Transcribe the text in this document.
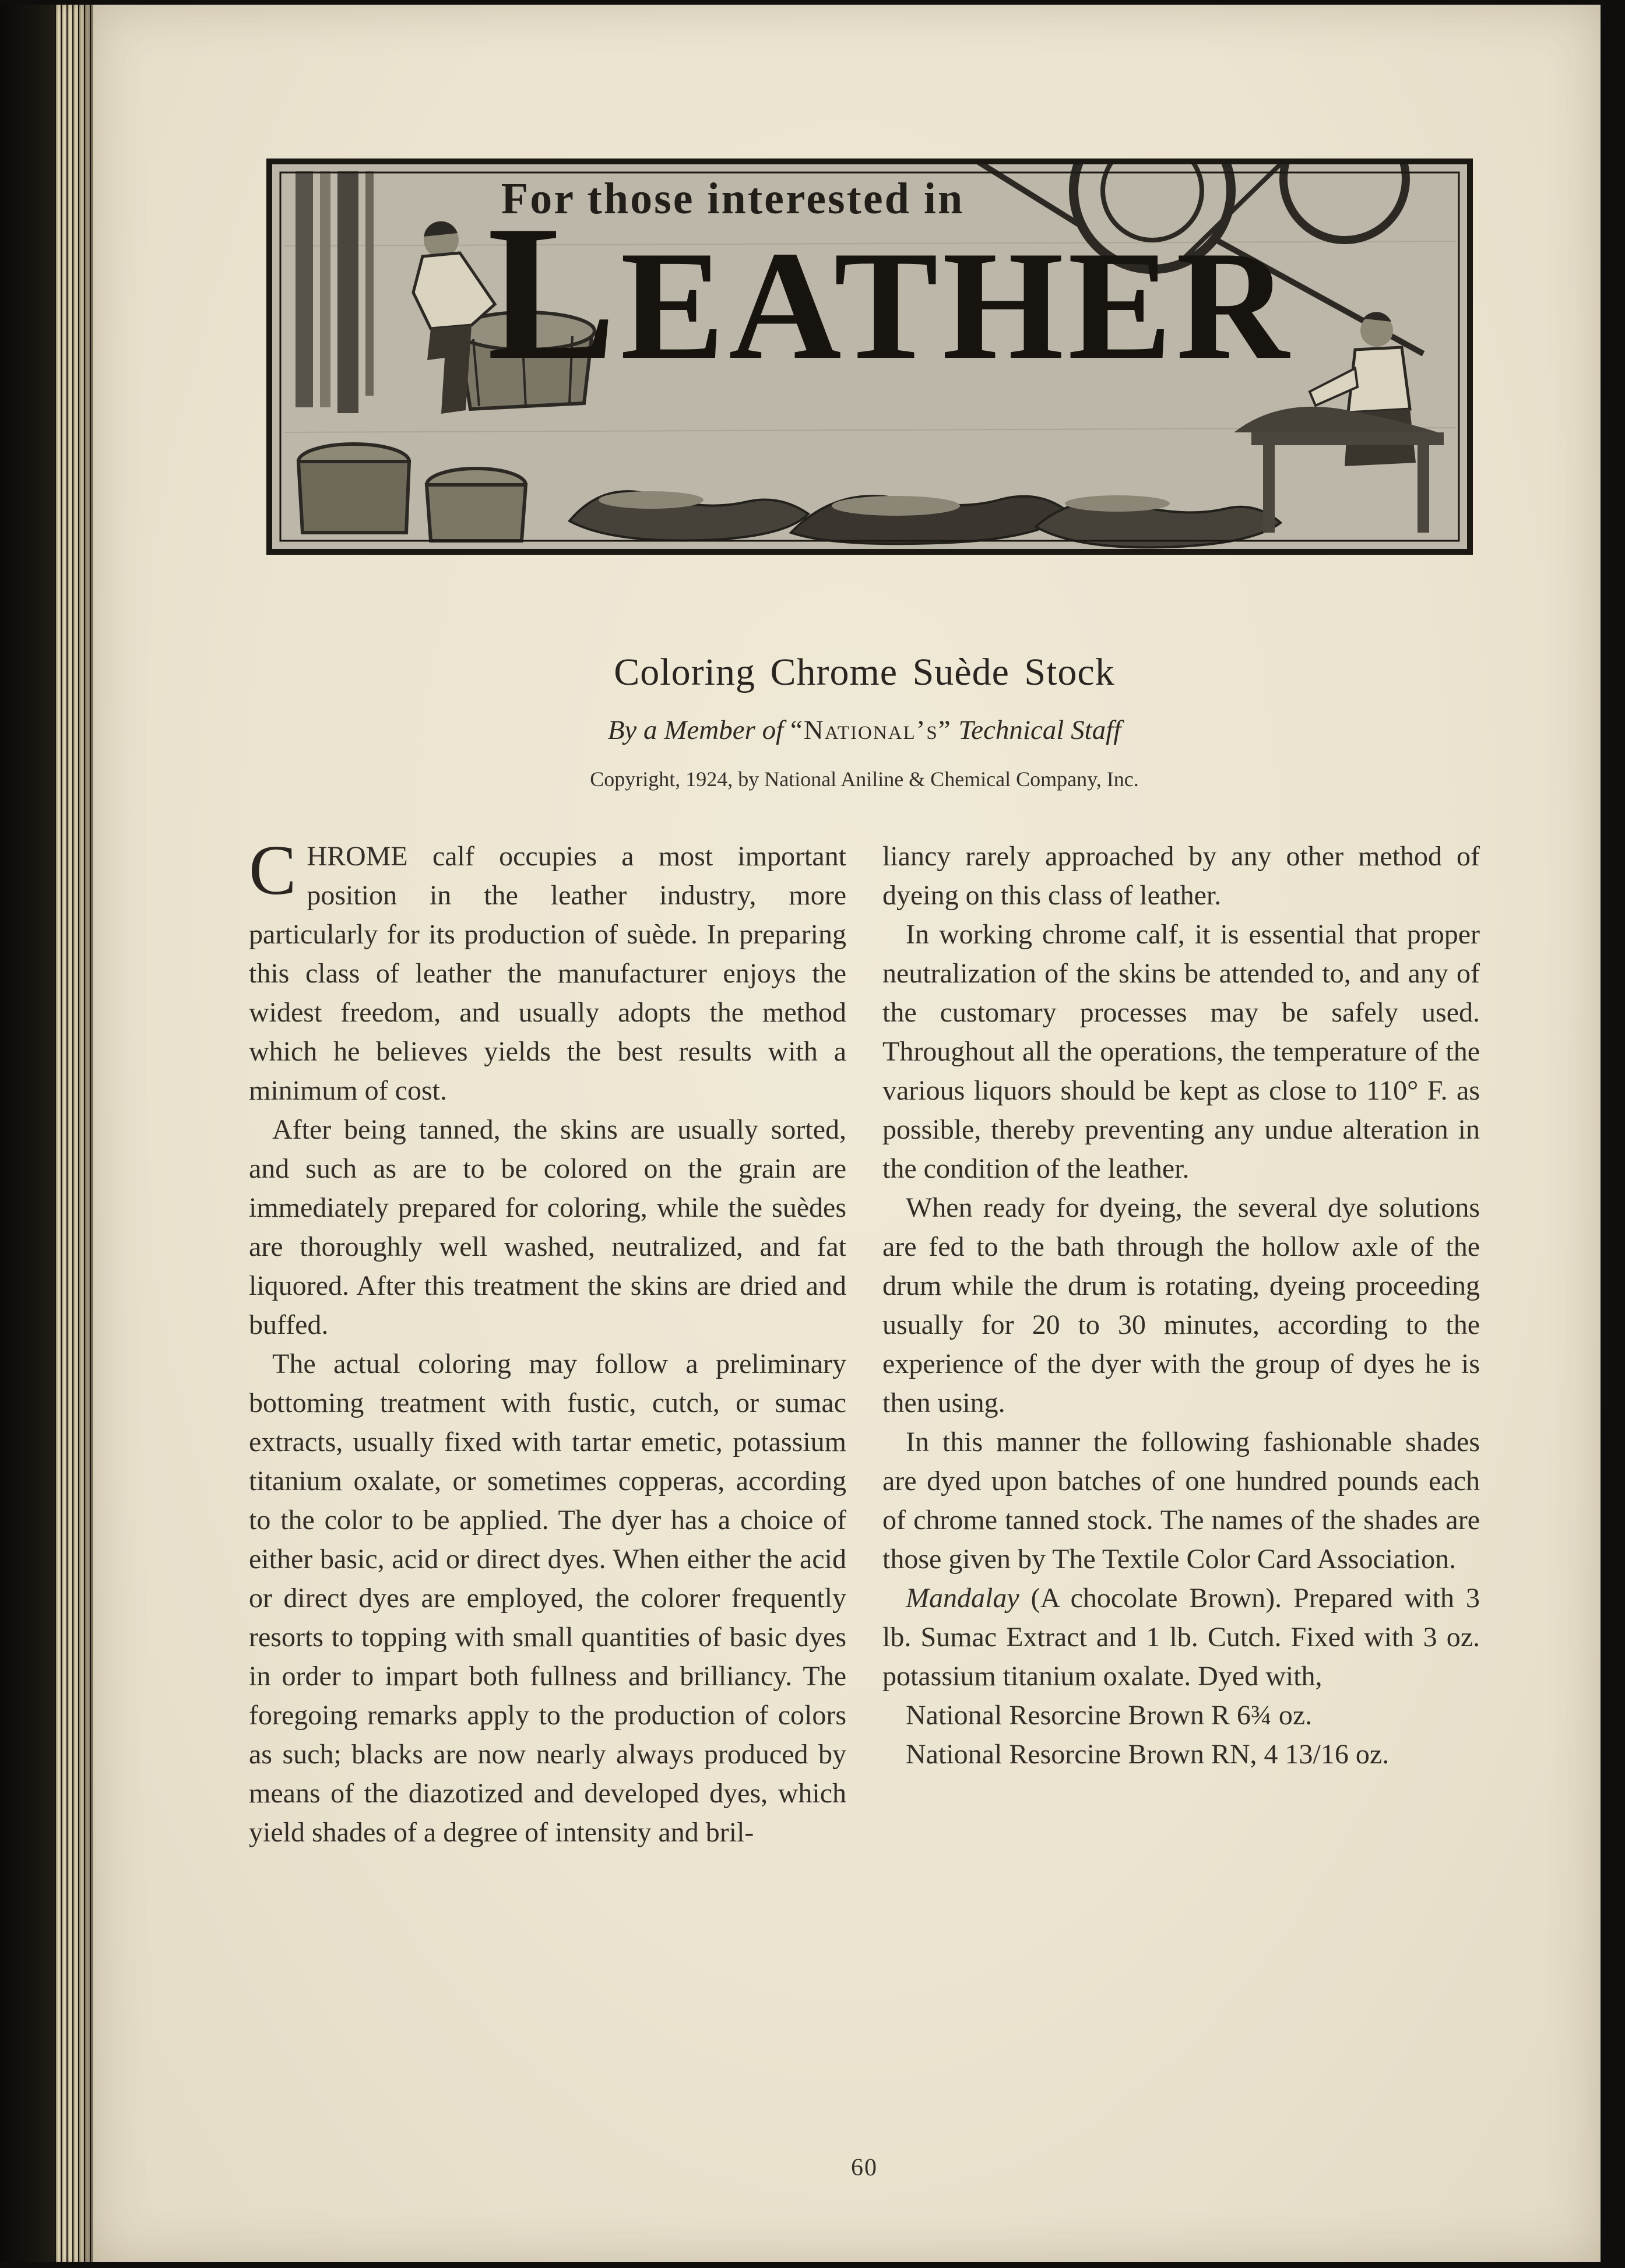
For those interested in
LEATHER
Coloring Chrome Suède Stock
By a Member of “National’s” Technical Staff
Copyright, 1924, by National Aniline & Chemical Company, Inc.

CHROME calf occupies a most important position in the leather industry, more particularly for its production of suède. In preparing this class of leather the manufacturer enjoys the widest freedom, and usually adopts the method which he believes yields the best results with a minimum of cost.

After being tanned, the skins are usually sorted, and such as are to be colored on the grain are immediately prepared for coloring, while the suèdes are thoroughly well washed, neutralized, and fat liquored. After this treatment the skins are dried and buffed.

The actual coloring may follow a preliminary bottoming treatment with fustic, cutch, or sumac extracts, usually fixed with tartar emetic, potassium titanium oxalate, or sometimes copperas, according to the color to be applied. The dyer has a choice of either basic, acid or direct dyes. When either the acid or direct dyes are employed, the colorer frequently resorts to topping with small quantities of basic dyes in order to impart both fullness and brilliancy. The foregoing remarks apply to the production of colors as such; blacks are now nearly always produced by means of the diazotized and developed dyes, which yield shades of a degree of intensity and bril-

liancy rarely approached by any other method of dyeing on this class of leather.

In working chrome calf, it is essential that proper neutralization of the skins be attended to, and any of the customary processes may be safely used. Throughout all the operations, the temperature of the various liquors should be kept as close to 110° F. as possible, thereby preventing any undue alteration in the condition of the leather.

When ready for dyeing, the several dye solutions are fed to the bath through the hollow axle of the drum while the drum is rotating, dyeing proceeding usually for 20 to 30 minutes, according to the experience of the dyer with the group of dyes he is then using.

In this manner the following fashionable shades are dyed upon batches of one hundred pounds each of chrome tanned stock. The names of the shades are those given by The Textile Color Card Association.

Mandalay (A chocolate Brown). Prepared with 3 lb. Sumac Extract and 1 lb. Cutch. Fixed with 3 oz. potassium titanium oxalate. Dyed with,

National Resorcine Brown R 6¾ oz.

National Resorcine Brown RN, 4 13/16 oz.

60
